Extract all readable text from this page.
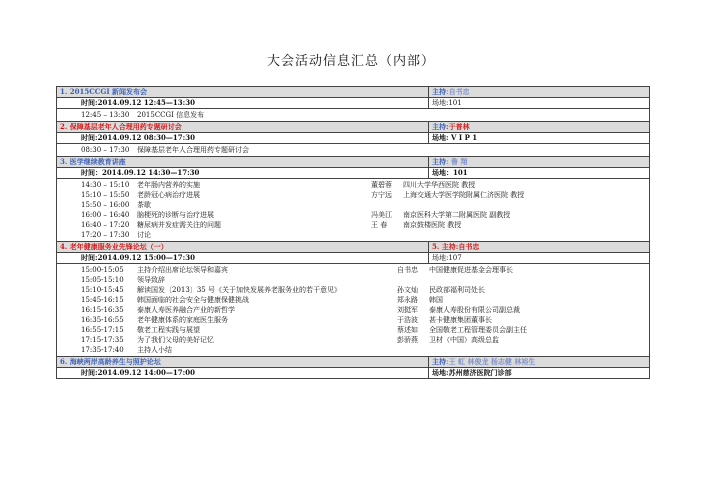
大会活动信息汇总（内部）
1. 2015CCGI 新闻发布会	主持:自书忠
时间:2014.09.12 12:45—13:30	场地:101
12:45 – 13:30	2015CCGI 信息发布
2. 保障基层老年人合理用药专题研讨会	主持:于普林
时间:2014.09.12 08:30—17:30	场地: V I P 1
08:30 – 17:30	保障基层老年人合理用药专题研讨会
3. 医学继续教育讲座	主持: 鲁 翔
时间：2014.09.12 14:30—17:30	场地：101
14:30 – 15:10	老年肠内营养的实施	董碧蓉	四川大学华西医院 教授
15:10 – 15:50	老龄冠心病治疗进展	方宁远	上海交通大学医学院附属仁济医院 教授
15:50 – 16:00	茶歇
16:00 – 16:40	脑梗死的诊断与治疗进展	冯美江	南京医科大学第二附属医院 副教授
16:40 – 17:20	糖尿病并发症需关注的问题	王 春	南京鼓楼医院 教授
17:20 – 17:30	讨论
4. 老年健康服务业先锋论坛（一）	5. 主持:自书忠
时间:2014.09.12 15:00—17:30	场地:107
15:00-15:05	主持介绍出席论坛领导和嘉宾	自书忠	中国健康促进基金会理事长
15:05-15:10	领导致辞
15:10-15:45	解读国发〔2013〕35 号《关于加快发展养老服务业的若干意见》	孙文灿	民政部福利司处长
15:45-16:15	韩国面临的社会安全与健康保健挑战	郑永路	韩国
16:15-16:35	泰康人寿医养融合产业的新哲学	刘挺军	泰康人寿股份有限公司副总裁
16:35-16:55	老年健康体系的家庭医生服务	于浩波	甚卡健康集团董事长
16:55-17:15	敬老工程实践与展望	蔡述如	全国敬老工程管理委员会副主任
17:15-17:35	为了我们父母的美好记忆	彭骄燕	卫材（中国）高级总监
17:35-17:40	主持人小结
6. 海峡两岸高龄养生与照护论坛	主持:王 虹 林俊龙 杨志健 林裕生
时间:2014.09.12 14:00—17:00	场地:苏州慈济医院门诊部
